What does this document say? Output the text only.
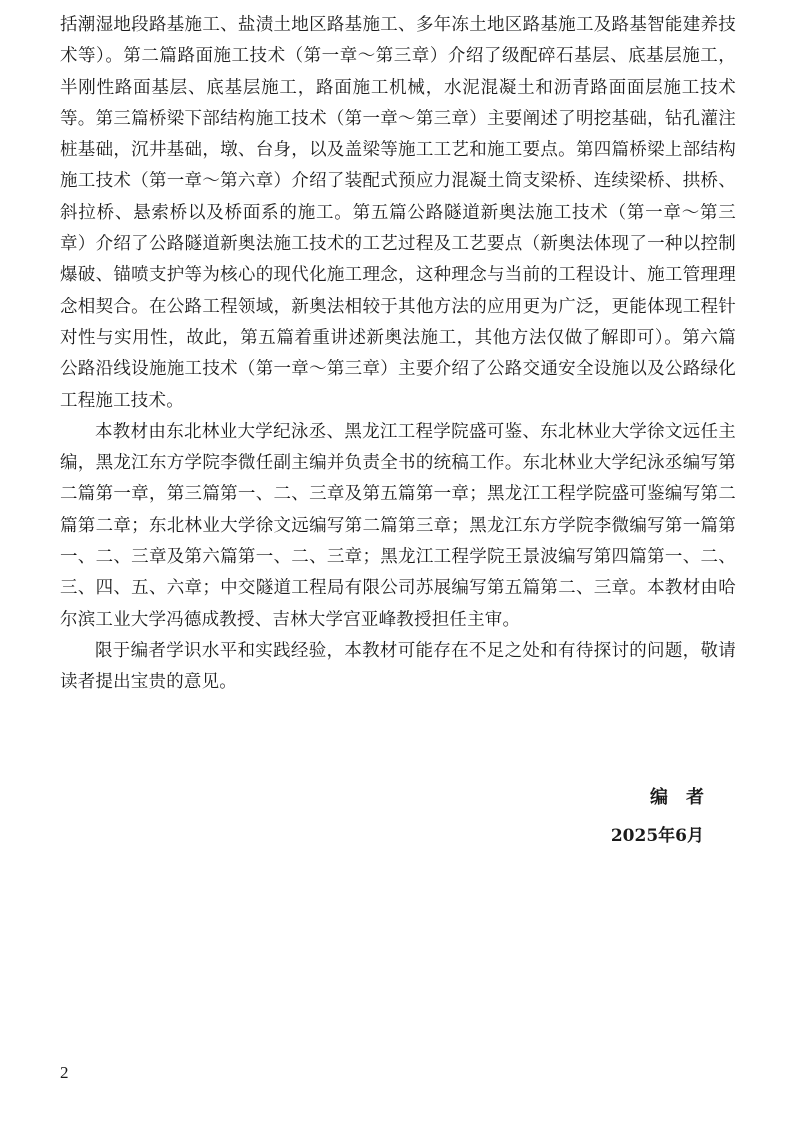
括潮湿地段路基施工、盐渍土地区路基施工、多年冻土地区路基施工及路基智能建养技术等）。第二篇路面施工技术（第一章～第三章）介绍了级配碎石基层、底基层施工，半刚性路面基层、底基层施工，路面施工机械，水泥混凝土和沥青路面面层施工技术等。第三篇桥梁下部结构施工技术（第一章～第三章）主要阐述了明挖基础，钻孔灌注桩基础，沉井基础，墩、台身，以及盖梁等施工工艺和施工要点。第四篇桥梁上部结构施工技术（第一章～第六章）介绍了装配式预应力混凝土筒支梁桥、连续梁桥、拱桥、斜拉桥、悬索桥以及桥面系的施工。第五篇公路隧道新奥法施工技术（第一章～第三章）介绍了公路隧道新奥法施工技术的工艺过程及工艺要点（新奥法体现了一种以控制爆破、锚喷支护等为核心的现代化施工理念，这种理念与当前的工程设计、施工管理理念相契合。在公路工程领域，新奥法相较于其他方法的应用更为广泛，更能体现工程针对性与实用性，故此，第五篇着重讲述新奥法施工，其他方法仅做了解即可）。第六篇公路沿线设施施工技术（第一章～第三章）主要介绍了公路交通安全设施以及公路绿化工程施工技术。

本教材由东北林业大学纪泳丞、黑龙江工程学院盛可鉴、东北林业大学徐文远任主编，黑龙江东方学院李微任副主编并负责全书的统稿工作。东北林业大学纪泳丞编写第二篇第一章，第三篇第一、二、三章及第五篇第一章；黑龙江工程学院盛可鉴编写第二篇第二章；东北林业大学徐文远编写第二篇第三章；黑龙江东方学院李微编写第一篇第一、二、三章及第六篇第一、二、三章；黑龙江工程学院王景波编写第四篇第一、二、三、四、五、六章；中交隧道工程局有限公司苏展编写第五篇第二、三章。本教材由哈尔滨工业大学冯德成教授、吉林大学宫亚峰教授担任主审。

限于编者学识水平和实践经验，本教材可能存在不足之处和有待探讨的问题，敬请读者提出宝贵的意见。

编者
2025年6月
2
